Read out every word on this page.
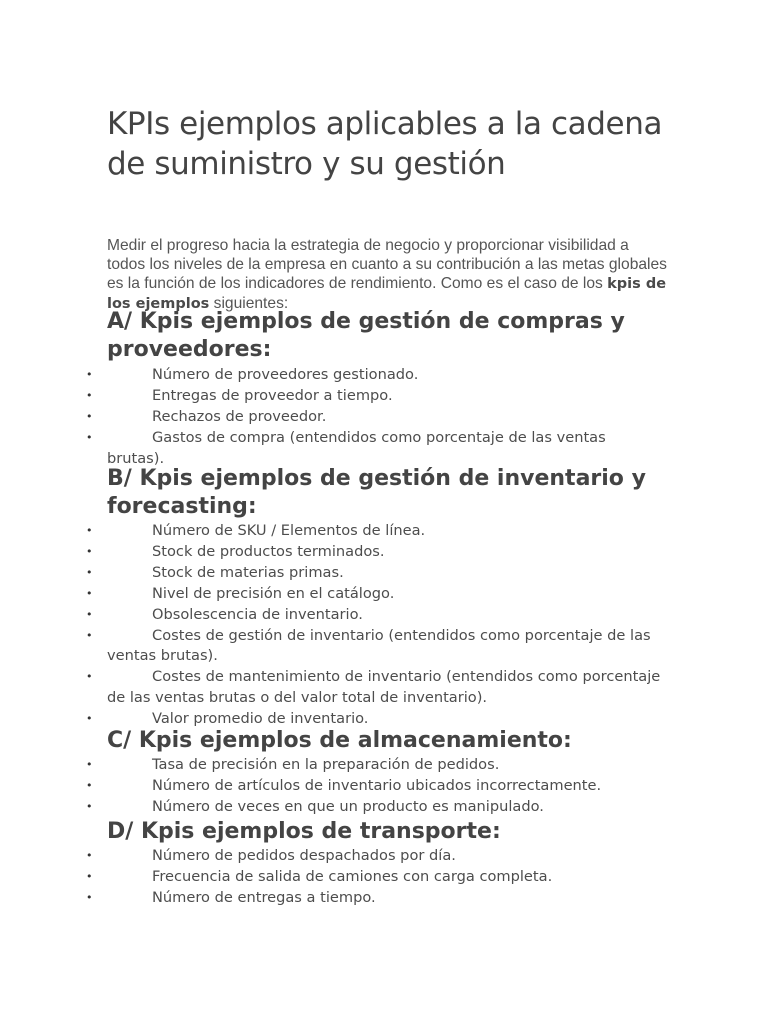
KPIs ejemplos aplicables a la cadena de suministro y su gestión

Medir el progreso hacia la estrategia de negocio y proporcionar visibilidad a todos los niveles de la empresa en cuanto a su contribución a las metas globales es la función de los indicadores de rendimiento. Como es el caso de los kpis de los ejemplos siguientes:

A/ Kpis ejemplos de gestión de compras y proveedores:
•	Número de proveedores gestionado.
•	Entregas de proveedor a tiempo.
•	Rechazos de proveedor.
•	Gastos de compra (entendidos como porcentaje de las ventas brutas).
B/ Kpis ejemplos de gestión de inventario y forecasting:
•	Número de SKU / Elementos de línea.
•	Stock de productos terminados.
•	Stock de materias primas.
•	Nivel de precisión en el catálogo.
•	Obsolescencia de inventario.
•	Costes de gestión de inventario (entendidos como porcentaje de las ventas brutas).
•	Costes de mantenimiento de inventario (entendidos como porcentaje de las ventas brutas o del valor total de inventario).
•	Valor promedio de inventario.
C/ Kpis ejemplos de almacenamiento:
•	Tasa de precisión en la preparación de pedidos.
•	Número de artículos de inventario ubicados incorrectamente.
•	Número de veces en que un producto es manipulado.
D/ Kpis ejemplos de transporte:
•	Número de pedidos despachados por día.
•	Frecuencia de salida de camiones con carga completa.
•	Número de entregas a tiempo.
